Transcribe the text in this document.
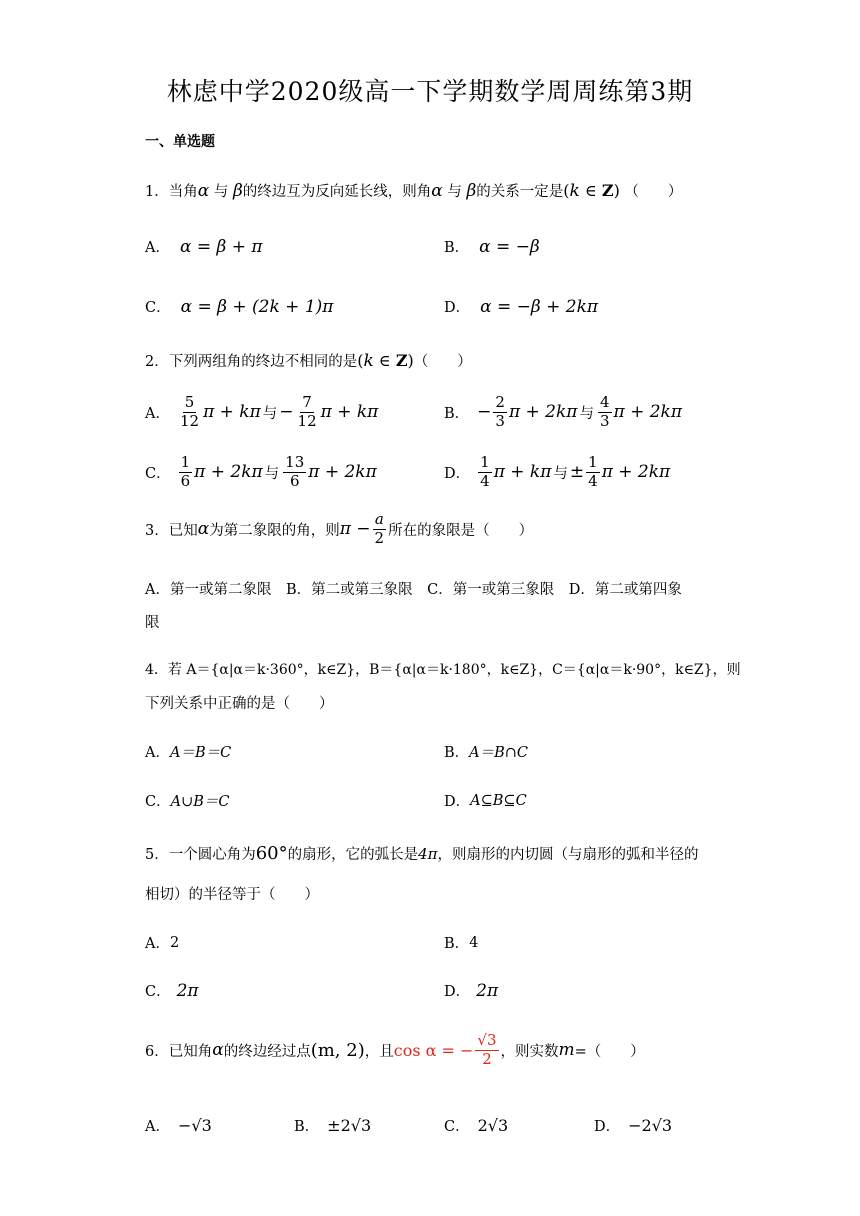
林虑中学2020级高一下学期数学周周练第3期
一、单选题
1．当角α 与 β的终边互为反向延长线，则角α 与 β的关系一定是(k ∈ Z) （　　）
A． α = β + π	B． α = −β
C． α = β + (2k + 1)π	D． α = −β + 2kπ
2．下列两组角的终边不相同的是(k ∈ Z)（　　）
A． $\frac{5}{12}$ π + kπ 与 − $\frac{7}{12}$ π + kπ	B． − $\frac{2}{3}$ π + 2kπ 与 $\frac{4}{3}$ π + 2kπ
C． $\frac{1}{6}$ π + 2kπ 与 $\frac{13}{6}$ π + 2kπ	D． $\frac{1}{4}$ π + kπ 与 ± $\frac{1}{4}$ π + 2kπ
3． 已知 α 为第二象限的角，则 $\pi - \frac{a}{2}$ 所在的象限是（　　）
A．第一或第二象限　B．第二或第三象限　C．第一或第三象限　D．第二或第四象
限
4．若 A＝{α|α＝k·360°，k∈Z}，B＝{α|α＝k·180°，k∈Z}，C＝{α|α＝k·90°，k∈Z}，则
下列关系中正确的是（　　）
A． A＝B＝C	B． A＝B∩C
C． A∪B＝C	D． A⊆B⊆C
5． 一个圆心角为 60° 的扇形，它的弧长是 4π ，则扇形的内切圆（与扇形的弧和半径的
相切）的半径等于（　　）
A． 2	B． 4
C． 2π	D． 2π
6． 已知角 α 的终边经过点 (m, 2) ，且 cos α = − $\frac{√3}{2}$ ，则实数 m =（　　）
A． −√3	B． ±2√3	C． 2√3	D． −2√3
